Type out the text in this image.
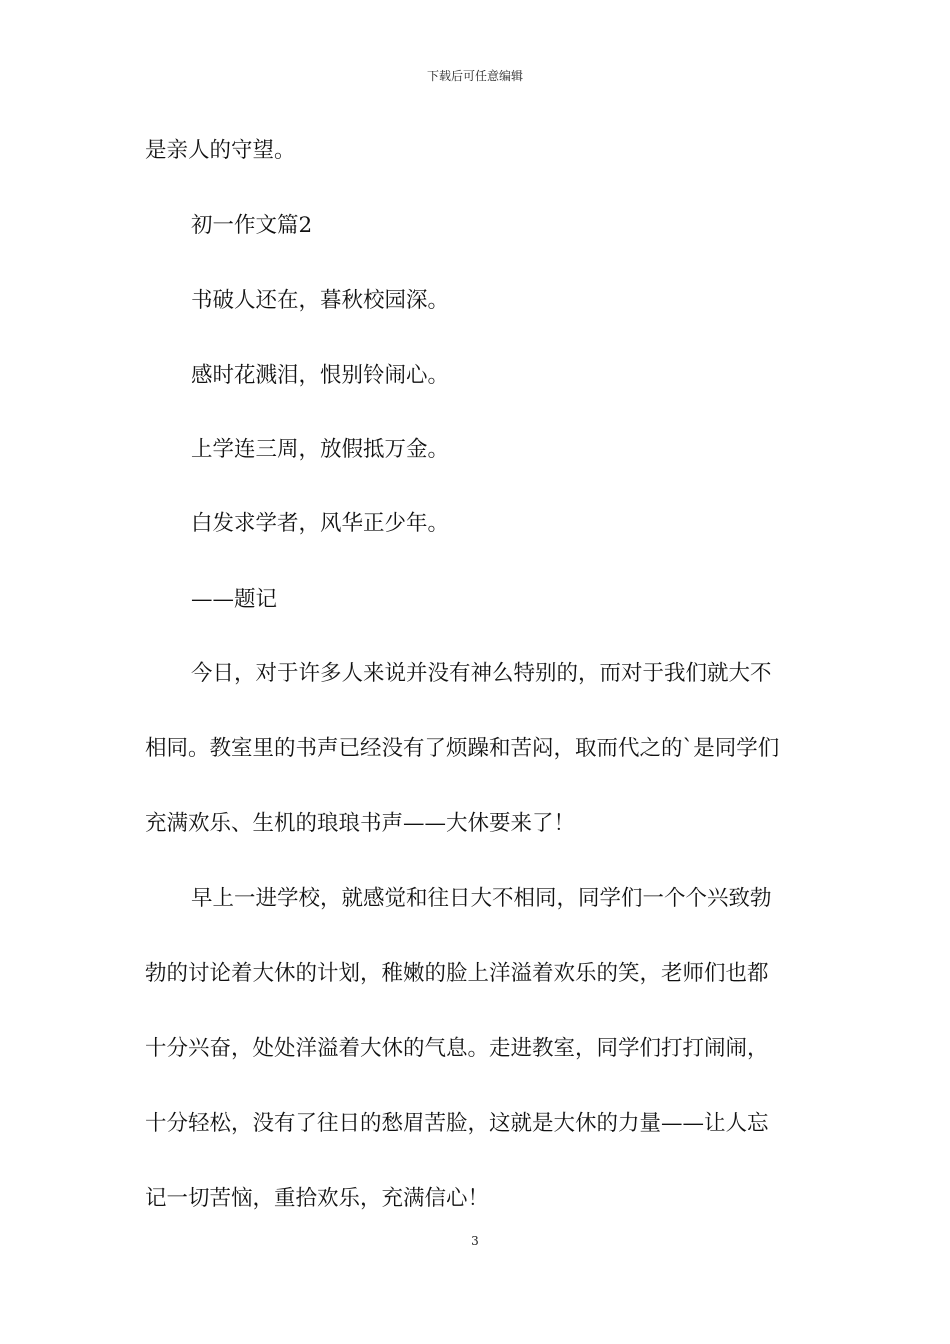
下载后可任意编辑
是亲人的守望。
初一作文篇2
书破人还在，暮秋校园深。
感时花溅泪，恨别铃闹心。
上学连三周，放假抵万金。
白发求学者，风华正少年。
——题记
今日，对于许多人来说并没有神么特别的，而对于我们就大不
相同。教室里的书声已经没有了烦躁和苦闷，取而代之的`是同学们
充满欢乐、生机的琅琅书声——大休要来了！
早上一进学校，就感觉和往日大不相同，同学们一个个兴致勃
勃的讨论着大休的计划，稚嫩的脸上洋溢着欢乐的笑，老师们也都
十分兴奋，处处洋溢着大休的气息。走进教室，同学们打打闹闹，
十分轻松，没有了往日的愁眉苦脸，这就是大休的力量——让人忘
记一切苦恼，重拾欢乐，充满信心！
3
